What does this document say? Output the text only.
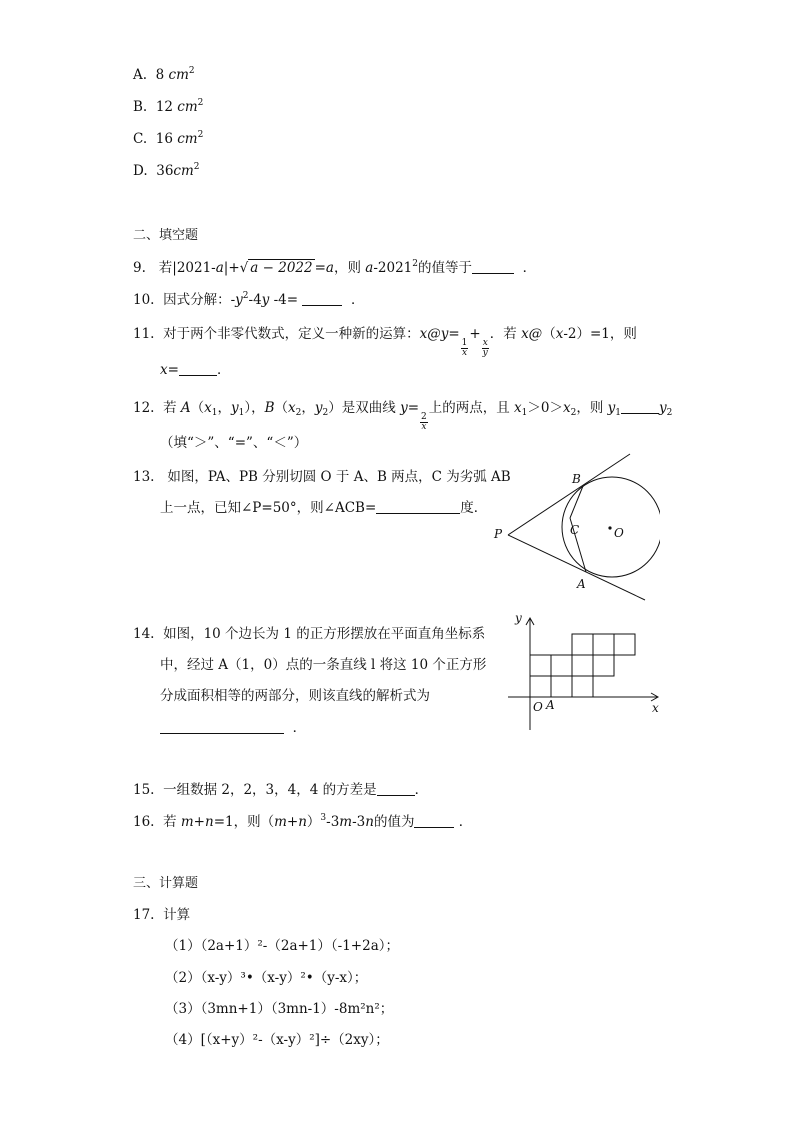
A. 8 $cm^2$
B. 12 $cm^2$
C. 16 $cm^2$
D. $36cm^2$
二、填空题
9. 若|2021-a|+√ a − 2022 =a，则 a-2021$^2$的值等于	．
10. 因式分解：$-y^2-4y$ -4=	．
11. 对于两个非零代数式，定义一种新的运算：x@y=
$\frac{1}{x}$
+
$\frac{x}{y}$
．若 x@（x-2）=1，则
x=	．
12. 若 $A(x_1$，$y_1$），$B(x_2$，$y_2$）是双曲线 y=
$\frac{2}{x}$
上的两点，且 $x_1>0>x_2$，则 $y_1$	$y_2$
（填“＞”、“=”、“＜”）
13. 如图，PA、PB 分别切圆 O 于 A、B 两点，C 为劣弧 AB
上一点，已知∠P=50°，则∠ACB=	度．
P
B
C	O
A
14. 如图，10 个边长为 1 的正方形摆放在平面直角坐标系
中，经过 A（1，0）点的一条直线 l 将这 10 个正方形
分成面积相等的两部分，则该直线的解析式为
．
y
x
O A
15. 一组数据 2，2，3，4，4 的方差是	．
16. 若 m+n=1，则$(m+n)^3-3m-3n$的值为	．
三、计算题
17. 计算
（1）（2a+1）²-（2a+1）（-1+2a）；
（2）（x-y）³•（x-y）²•（y-x）；
（3）（3mn+1）（3mn-1）-8m²n²；
（4）[（x+y）²-（x-y）²]÷（2xy）；
